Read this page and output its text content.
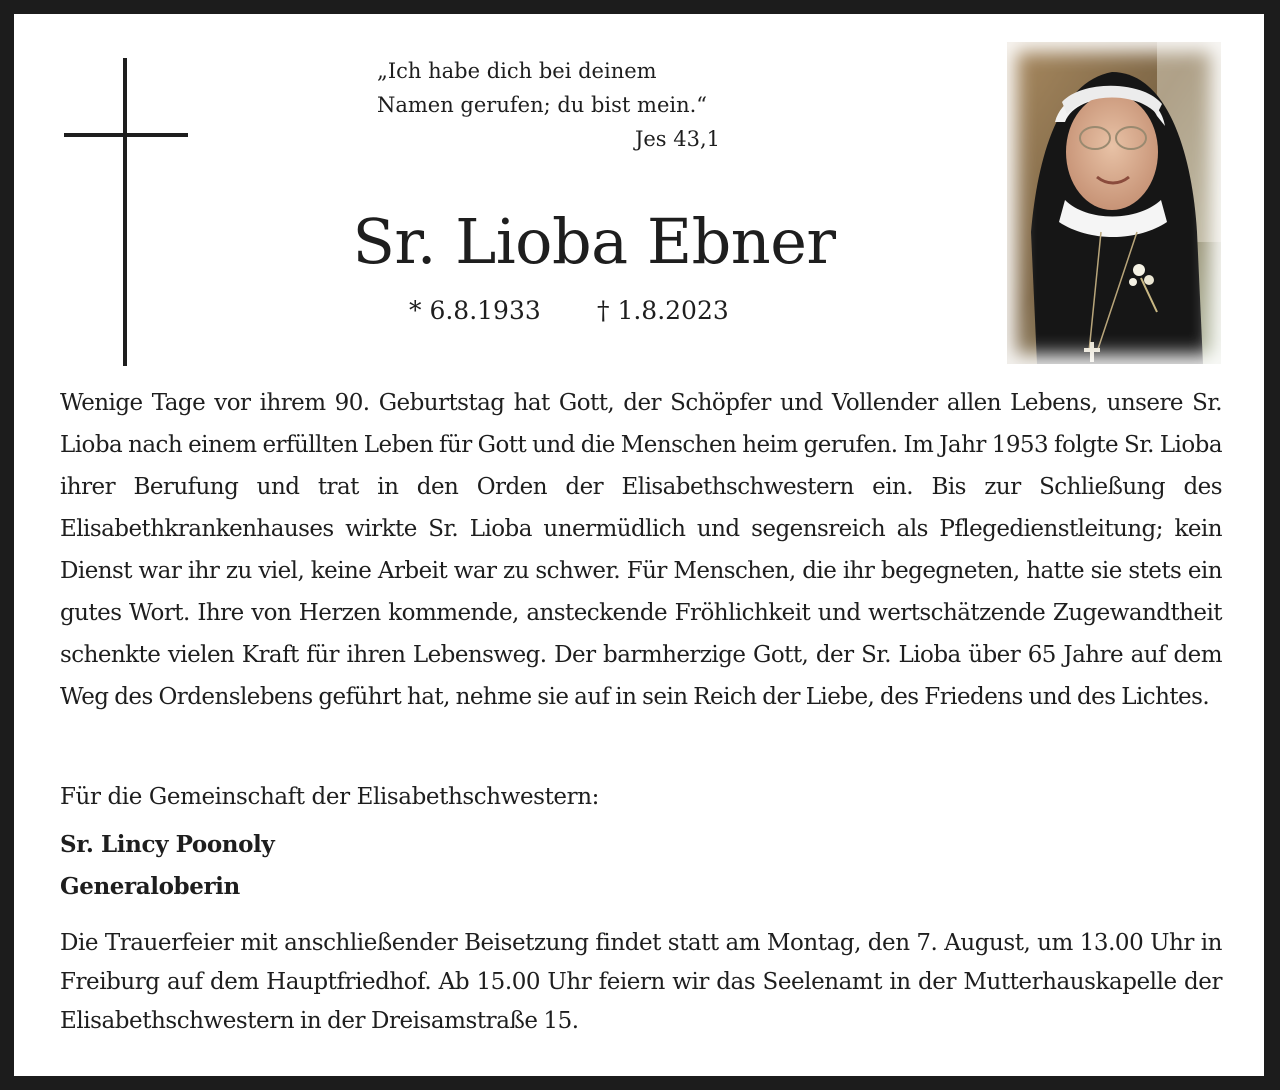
„Ich habe dich bei deinem
Namen gerufen; du bist mein.“
Jes 43,1
Sr. Lioba Ebner
* 6.8.1933 † 1.8.2023
Wenige Tage vor ihrem 90. Geburtstag hat Gott, der Schöpfer und Vollender allen Lebens, unsere Sr. Lioba nach einem erfüllten Leben für Gott und die Menschen heim gerufen. Im Jahr 1953 folgte Sr. Lioba ihrer Berufung und trat in den Orden der Elisabethschwestern ein. Bis zur Schließung des Elisabethkrankenhauses wirkte Sr. Lioba unermüdlich und segensreich als Pflegedienstleitung; kein Dienst war ihr zu viel, keine Arbeit war zu schwer. Für Menschen, die ihr begegneten, hatte sie stets ein gutes Wort. Ihre von Herzen kommende, ansteckende Fröhlichkeit und wertschätzende Zugewandtheit schenkte vielen Kraft für ihren Lebensweg. Der barmherzige Gott, der Sr. Lioba über 65 Jahre auf dem Weg des Ordenslebens geführt hat, nehme sie auf in sein Reich der Liebe, des Friedens und des Lichtes.
Für die Gemeinschaft der Elisabethschwestern:
Sr. Lincy Poonoly
Generaloberin
Die Trauerfeier mit anschließender Beisetzung findet statt am Montag, den 7. August, um 13.00 Uhr in Freiburg auf dem Hauptfriedhof. Ab 15.00 Uhr feiern wir das Seelenamt in der Mutterhauskapelle der Elisabethschwestern in der Dreisamstraße 15.
